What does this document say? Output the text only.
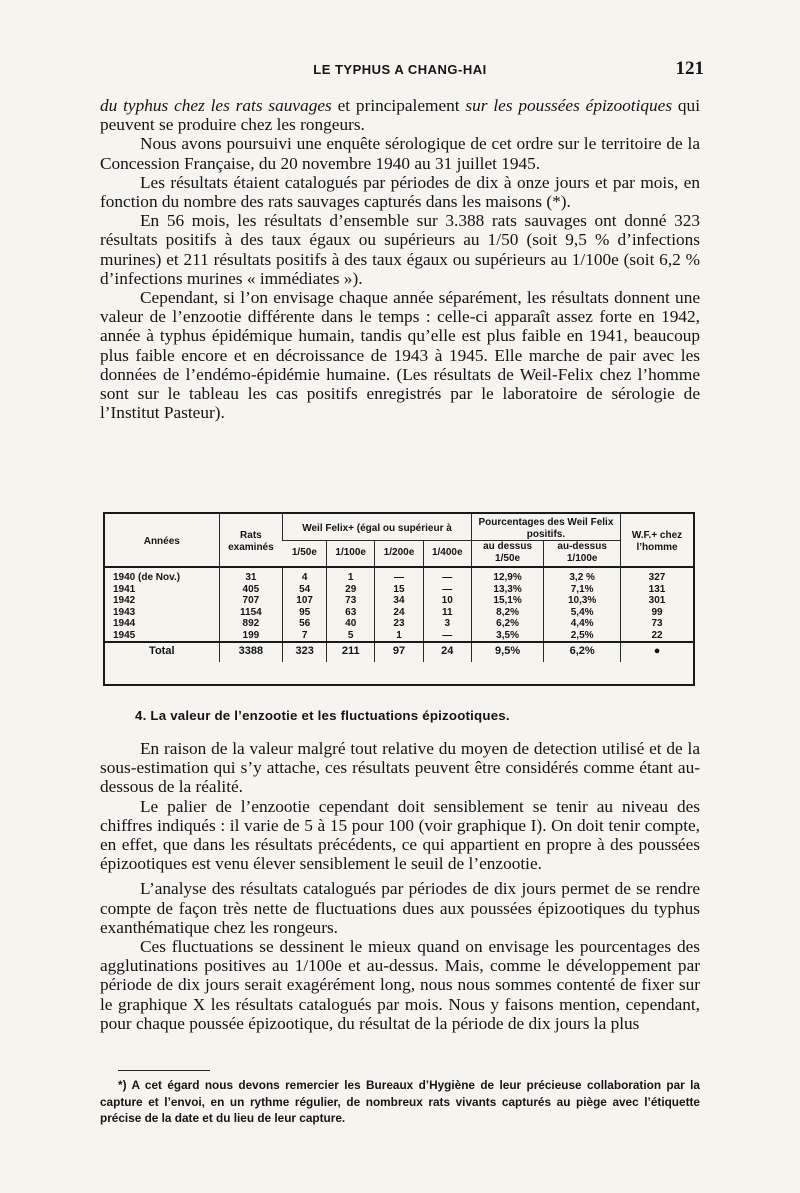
LE TYPHUS A CHANG-HAI	121

du typhus chez les rats sauvages et principalement sur les poussées épizootiques qui peuvent se produire chez les rongeurs.

Nous avons poursuivi une enquête sérologique de cet ordre sur le territoire de la Concession Française, du 20 novembre 1940 au 31 juillet 1945.

Les résultats étaient catalogués par périodes de dix à onze jours et par mois, en fonction du nombre des rats sauvages capturés dans les maisons (*).

En 56 mois, les résultats d’ensemble sur 3.388 rats sauvages ont donné 323 résultats positifs à des taux égaux ou supérieurs au 1/50 (soit 9,5 % d’infections murines) et 211 résultats positifs à des taux égaux ou supérieurs au 1/100e (soit 6,2 % d’infections murines « immédiates »).

Cependant, si l’on envisage chaque année séparément, les résultats donnent une valeur de l’enzootie différente dans le temps : celle-ci apparaît assez forte en 1942, année à typhus épidémique humain, tandis qu’elle est plus faible en 1941, beaucoup plus faible encore et en décroissance de 1943 à 1945. Elle marche de pair avec les données de l’endémo-épidémie humaine. (Les résultats de Weil-Felix chez l’homme sont sur le tableau les cas positifs enregistrés par le laboratoire de sérologie de l’Institut Pasteur).

Années	Rats examinés	Weil Felix+ (égal ou supérieur à				Pourcentages des Weil Felix positifs.		W.F.+ chez l’homme
		1/50e	1/100e	1/200e	1/400e	au dessus 1/50e	au-dessus 1/100e	
1940 (de Nov.)	31	4	1	—	—	12,9%	3,2 %	327
1941	405	54	29	15	—	13,3%	7,1%	131
1942	707	107	73	34	10	15,1%	10,3%	301
1943	1154	95	63	24	11	8,2%	5,4%	99
1944	892	56	40	23	3	6,2%	4,4%	73
1945	199	7	5	1	—	3,5%	2,5%	22
Total	3388	323	211	97	24	9,5%	6,2%	●
4. La valeur de l’enzootie et les fluctuations épizootiques.

En raison de la valeur malgré tout relative du moyen de detection utilisé et de la sous-estimation qui s’y attache, ces résultats peuvent être considérés comme étant au-dessous de la réalité.

Le palier de l’enzootie cependant doit sensiblement se tenir au niveau des chiffres indiqués : il varie de 5 à 15 pour 100 (voir graphique I). On doit tenir compte, en effet, que dans les résultats précédents, ce qui appartient en propre à des poussées épizootiques est venu élever sensiblement le seuil de l’enzootie.

L’analyse des résultats catalogués par périodes de dix jours permet de se rendre compte de façon très nette de fluctuations dues aux poussées épizootiques du typhus exanthématique chez les rongeurs.

Ces fluctuations se dessinent le mieux quand on envisage les pourcentages des agglutinations positives au 1/100e et au-dessus. Mais, comme le développement par période de dix jours serait exagérément long, nous nous sommes contenté de fixer sur le graphique X les résultats catalogués par mois. Nous y faisons mention, cependant, pour chaque poussée épizootique, du résultat de la période de dix jours la plus

*) A cet égard nous devons remercier les Bureaux d’Hygiène de leur précieuse collaboration par la capture et l’envoi, en un rythme régulier, de nombreux rats vivants capturés au piège avec l’étiquette précise de la date et du lieu de leur capture.
